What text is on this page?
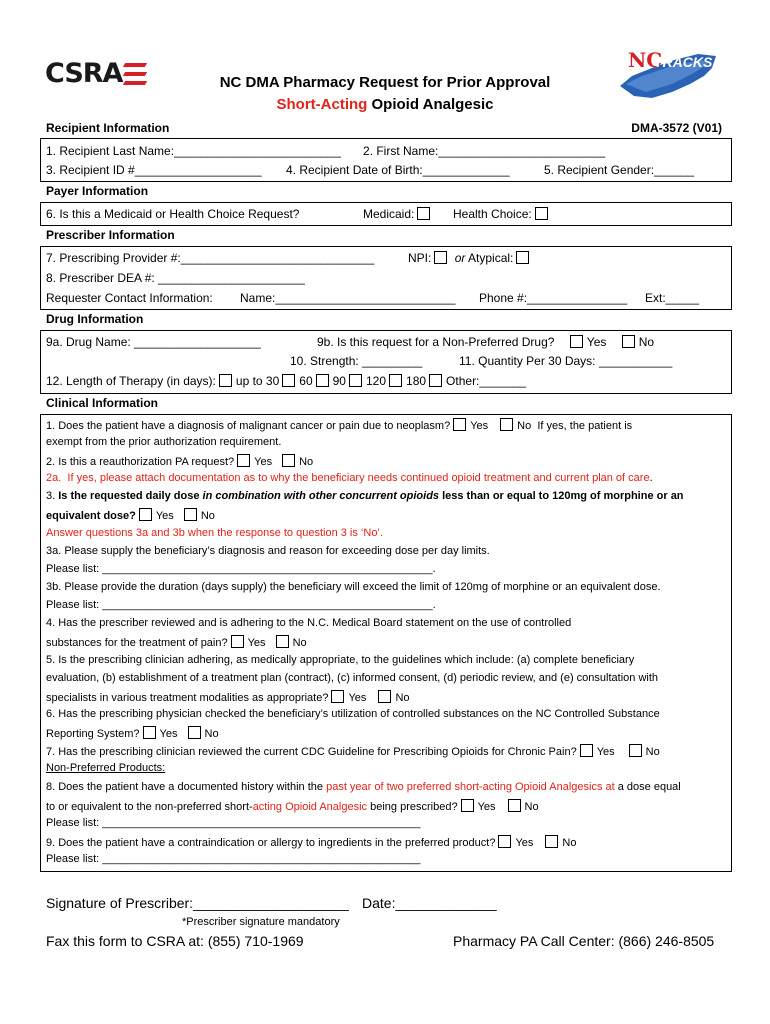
CSRA	NC
TRACKS
NC DMA Pharmacy Request for Prior Approval
Short-Acting Opioid Analgesic
Recipient Information	DMA-3572 (V01)
1. Recipient Last Name:_________________________ 2. First Name:_________________________
3. Recipient ID #___________________ 4. Recipient Date of Birth:_____________	5. Recipient Gender:______
Payer Information
6. Is this a Medicaid or Health Choice Request?	Medicaid:	Health Choice:
Prescriber Information
7. Prescribing Provider #:_____________________________	NPI: or Atypical:
8. Prescriber DEA #: ______________________
Requester Contact Information: Name:___________________________ Phone #:_______________ Ext:_____
Drug Information
9a. Drug Name: ___________________	9b. Is this request for a Non-Preferred Drug?	Yes	No
10. Strength: _________	11. Quantity Per 30 Days: ___________
12. Length of Therapy (in days): up to 30 60 90 120 180 Other:_______
Clinical Information
1. Does the patient have a diagnosis of malignant cancer or pain due to neoplasm? Yes	No If yes, the patient is
exempt from the prior authorization requirement.
2. Is this a reauthorization PA request? Yes No
2a. If yes, please attach documentation as to why the beneficiary needs continued opioid treatment and current plan of care.
3. Is the requested daily dose in combination with other concurrent opioids less than or equal to 120mg of morphine or an
equivalent dose? Yes No
Answer questions 3a and 3b when the response to question 3 is ‘No’.
3a. Please supply the beneficiary’s diagnosis and reason for exceeding dose per day limits.
Please list: ______________________________________________________.
3b. Please provide the duration (days supply) the beneficiary will exceed the limit of 120mg of morphine or an equivalent dose.
Please list: ______________________________________________________.
4. Has the prescriber reviewed and is adhering to the N.C. Medical Board statement on the use of controlled
substances for the treatment of pain? Yes No
5. Is the prescribing clinician adhering, as medically appropriate, to the guidelines which include: (a) complete beneficiary
evaluation, (b) establishment of a treatment plan (contract), (c) informed consent, (d) periodic review, and (e) consultation with
specialists in various treatment modalities as appropriate? Yes	No
6. Has the prescribing physician checked the beneficiary’s utilization of controlled substances on the NC Controlled Substance
Reporting System? Yes No
7. Has the prescribing clinician reviewed the current CDC Guideline for Prescribing Opioids for Chronic Pain? Yes	No
Non-Preferred Products:
8. Does the patient have a documented history within the past year of two preferred short-acting Opioid Analgesics at a dose equal
to or equivalent to the non-preferred short-acting Opioid Analgesic being prescribed? Yes	No
Please list: ____________________________________________________
9. Does the patient have a contraindication or allergy to ingredients in the preferred product? Yes	No
Please list: ____________________________________________________
Signature of Prescriber:____________________ Date:_____________
*Prescriber signature mandatory
Fax this form to CSRA at: (855) 710-1969	Pharmacy PA Call Center: (866) 246-8505
